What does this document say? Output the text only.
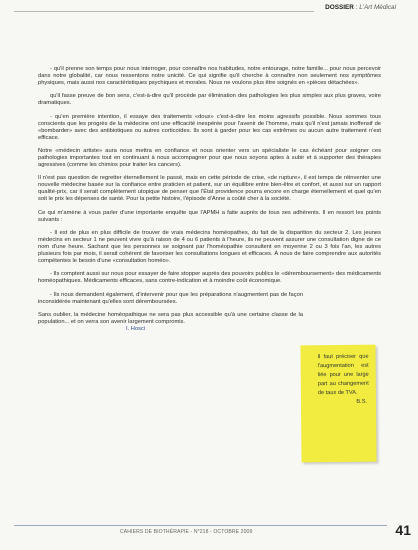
DOSSIER : L'Art Médical

- qu'il prenne son temps pour nous interroger, pour connaître nos habitudes, notre entourage, notre famille... pour nous percevoir dans notre globalité, car nous ressentons notre unicité. Ce qui signifie qu'il cherche à connaître non seulement nos symptômes physiques, mais aussi nos caractéristiques psychiques et morales. Nous ne voulons plus être soignés en «pièces détachées».

qu'il fasse preuve de bon sens, c'est-à-dire qu'il procède par élimination des pathologies les plus simples aux plus graves, voire dramatiques.

- qu'en première intention, il essaye des traitements «doux» c'est-à-dire les moins agressifs possible. Nous sommes tous conscients que les progrès de la médecine ont une efficacité inespérée pour l'avenir de l'homme, mais qu'il n'est jamais inoffensif de «bombarder» avec des antibiotiques ou autres corticoïdes. Ils sont à garder pour les cas extrêmes ou aucun autre traitement n'est efficace.

Notre «médecin artiste» aura nous mettra en confiance et nous orienter vers un spécialiste le cas échéant pour soigner ces pathologies importantes tout en continuant à nous accompagner pour que nous soyons aptes à subir et à supporter des thérapies agressives (comme les chimios pour traiter les cancers).

Il n'est pas question de regretter éternellement le passé, mais en cette période de crise, «de rupture», il est temps de réinventer une nouvelle médecine basée sur la confiance entre praticien et patient, sur un équilibre entre bien-être et confort, et aussi sur un rapport qualité-prix, car il serait complètement utopique de penser que l'État providence pourra encore en charge éternellement et quel qu'en soit le prix les dépenses de santé. Pour la petite histoire, l'épisode d'Anne a coûté cher à la société.

Ce qui m'amène à vous parler d'une importante enquête que l'APMH a faite auprès de tous ses adhérents. Il en ressort les points suivants :

- Il est de plus en plus difficile de trouver de vrais médecins homéopathes, du fait de la disparition du secteur 2. Les jeunes médecins en secteur 1 ne peuvent vivre qu'à raison de 4 ou 6 patients à l'heure, ils ne peuvent assurer une consultation digne de ce nom d'une heure. Sachant que les personnes se soignant par l'homéopathie consultent en moyenne 2 ou 3 fois l'an, les autres plusieurs fois par mois, il serait cohérent de favoriser les consultations longues et efficaces. À nous de faire comprendre aux autorités compétentes le besoin d'une «consultation homéo».

- Ils comptent aussi sur nous pour essayer de faire stopper auprès des pouvoirs publics le «déremboursement» des médicaments homéopathiques. Médicaments efficaces, sans contre-indication et à moindre coût économique.

- Ils nous demandent également, d'intervenir pour que les préparations n'augmentent pas de façon inconsidérée maintenant qu'elles sont déremboursées.

Sans oublier, la médecine homéopathique ne sera pas plus accessible qu'à une certaine classe de la population... et on verra son avenir largement compromis.

I. Hosci
Il faut préciser que l'augmentation est liée pour une large part au changement de taux de TVA.
B.S.
CAHIERS DE BIOTHÉRAPIE - N°218 - OCTOBRE 2009	41
